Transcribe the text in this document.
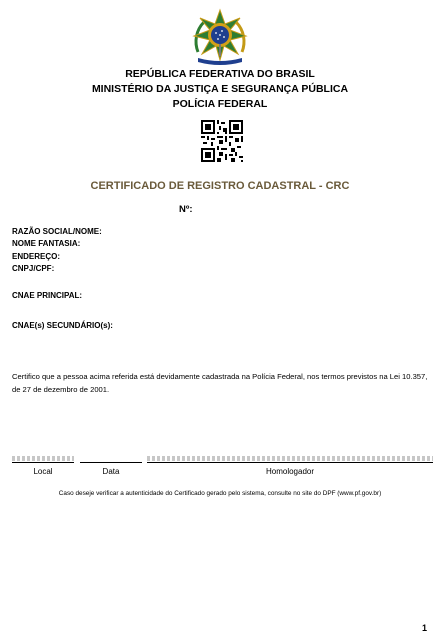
REPÚBLICA FEDERATIVA DO BRASIL
MINISTÉRIO DA JUSTIÇA E SEGURANÇA PÚBLICA
POLÍCIA FEDERAL
CERTIFICADO DE REGISTRO CADASTRAL - CRC
Nº:
RAZÃO SOCIAL/NOME:
NOME FANTASIA:
ENDEREÇO:
CNPJ/CPF:
CNAE PRINCIPAL:
CNAE(s) SECUNDÁRIO(s):
Certifico que a pessoa acima referida está devidamente cadastrada na Polícia Federal, nos termos previstos na Lei 10.357, de 27 de dezembro de 2001.
Local	Data	Homologador
Caso deseje verificar a autenticidade do Certificado gerado pelo sistema, consulte no site do DPF (www.pf.gov.br)
1
